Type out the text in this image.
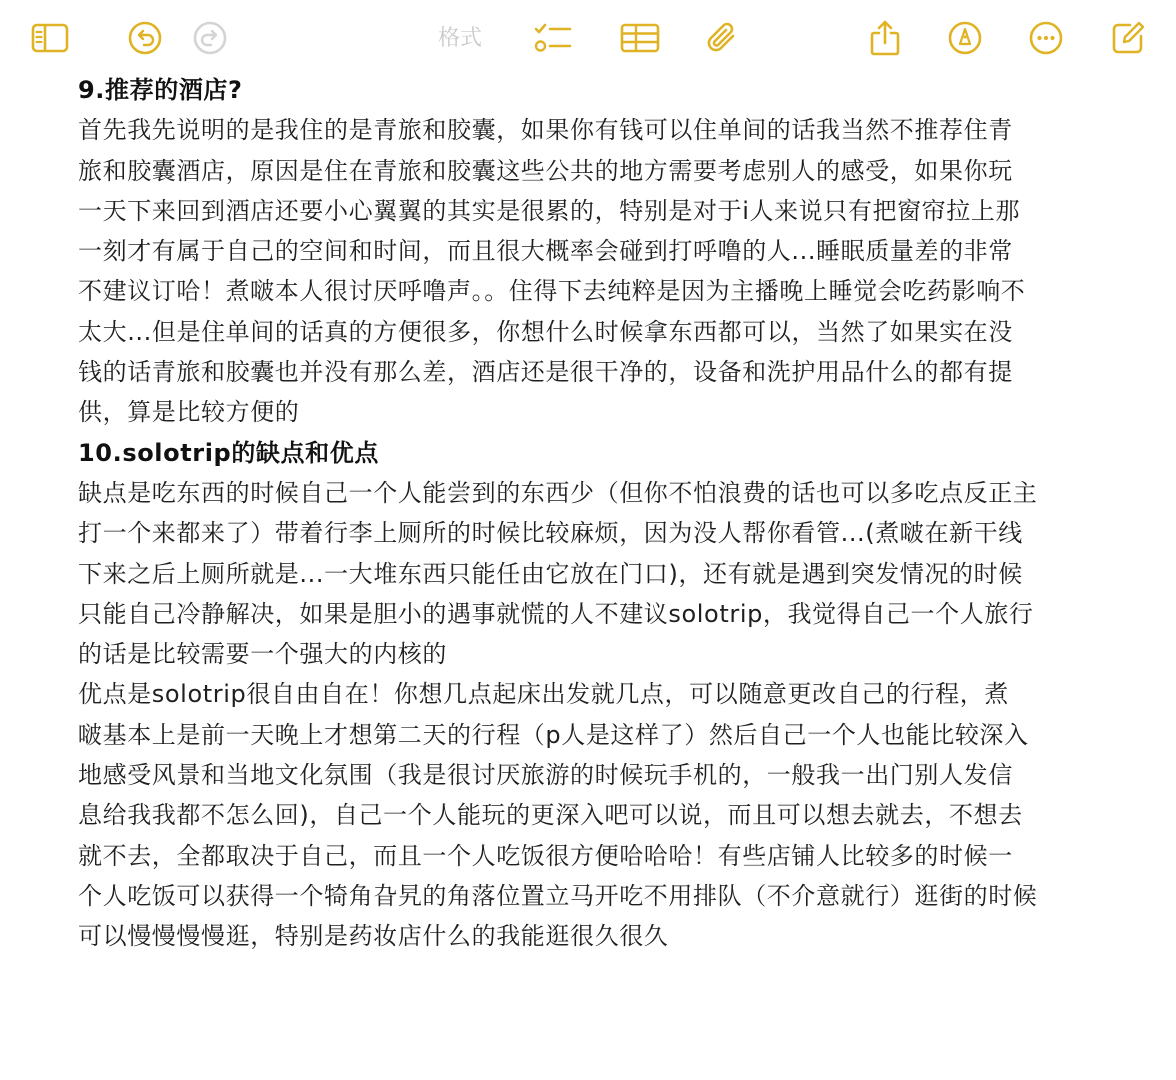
格式
9.推荐的酒店?
首先我先说明的是我住的是青旅和胶囊，如果你有钱可以住单间的话我当然不推荐住青
旅和胶囊酒店，原因是住在青旅和胶囊这些公共的地方需要考虑别人的感受，如果你玩
一天下来回到酒店还要小心翼翼的其实是很累的，特别是对于i人来说只有把窗帘拉上那
一刻才有属于自己的空间和时间，而且很大概率会碰到打呼噜的人...睡眠质量差的非常
不建议订哈！煮啵本人很讨厌呼噜声。。住得下去纯粹是因为主播晚上睡觉会吃药影响不
太大...但是住单间的话真的方便很多，你想什么时候拿东西都可以，当然了如果实在没
钱的话青旅和胶囊也并没有那么差，酒店还是很干净的，设备和洗护用品什么的都有提
供，算是比较方便的
10.solotrip的缺点和优点
缺点是吃东西的时候自己一个人能尝到的东西少（但你不怕浪费的话也可以多吃点反正主
打一个来都来了）带着行李上厕所的时候比较麻烦，因为没人帮你看管...(煮啵在新干线
下来之后上厕所就是...一大堆东西只能任由它放在门口)，还有就是遇到突发情况的时候
只能自己冷静解决，如果是胆小的遇事就慌的人不建议solotrip，我觉得自己一个人旅行
的话是比较需要一个强大的内核的
优点是solotrip很自由自在！你想几点起床出发就几点，可以随意更改自己的行程，煮
啵基本上是前一天晚上才想第二天的行程（p人是这样了）然后自己一个人也能比较深入
地感受风景和当地文化氛围（我是很讨厌旅游的时候玩手机的，一般我一出门别人发信
息给我我都不怎么回)，自己一个人能玩的更深入吧可以说，而且可以想去就去，不想去
就不去，全都取决于自己，而且一个人吃饭很方便哈哈哈！有些店铺人比较多的时候一
个人吃饭可以获得一个犄角旮旯的角落位置立马开吃不用排队（不介意就行）逛街的时候
可以慢慢慢慢逛，特别是药妆店什么的我能逛很久很久
